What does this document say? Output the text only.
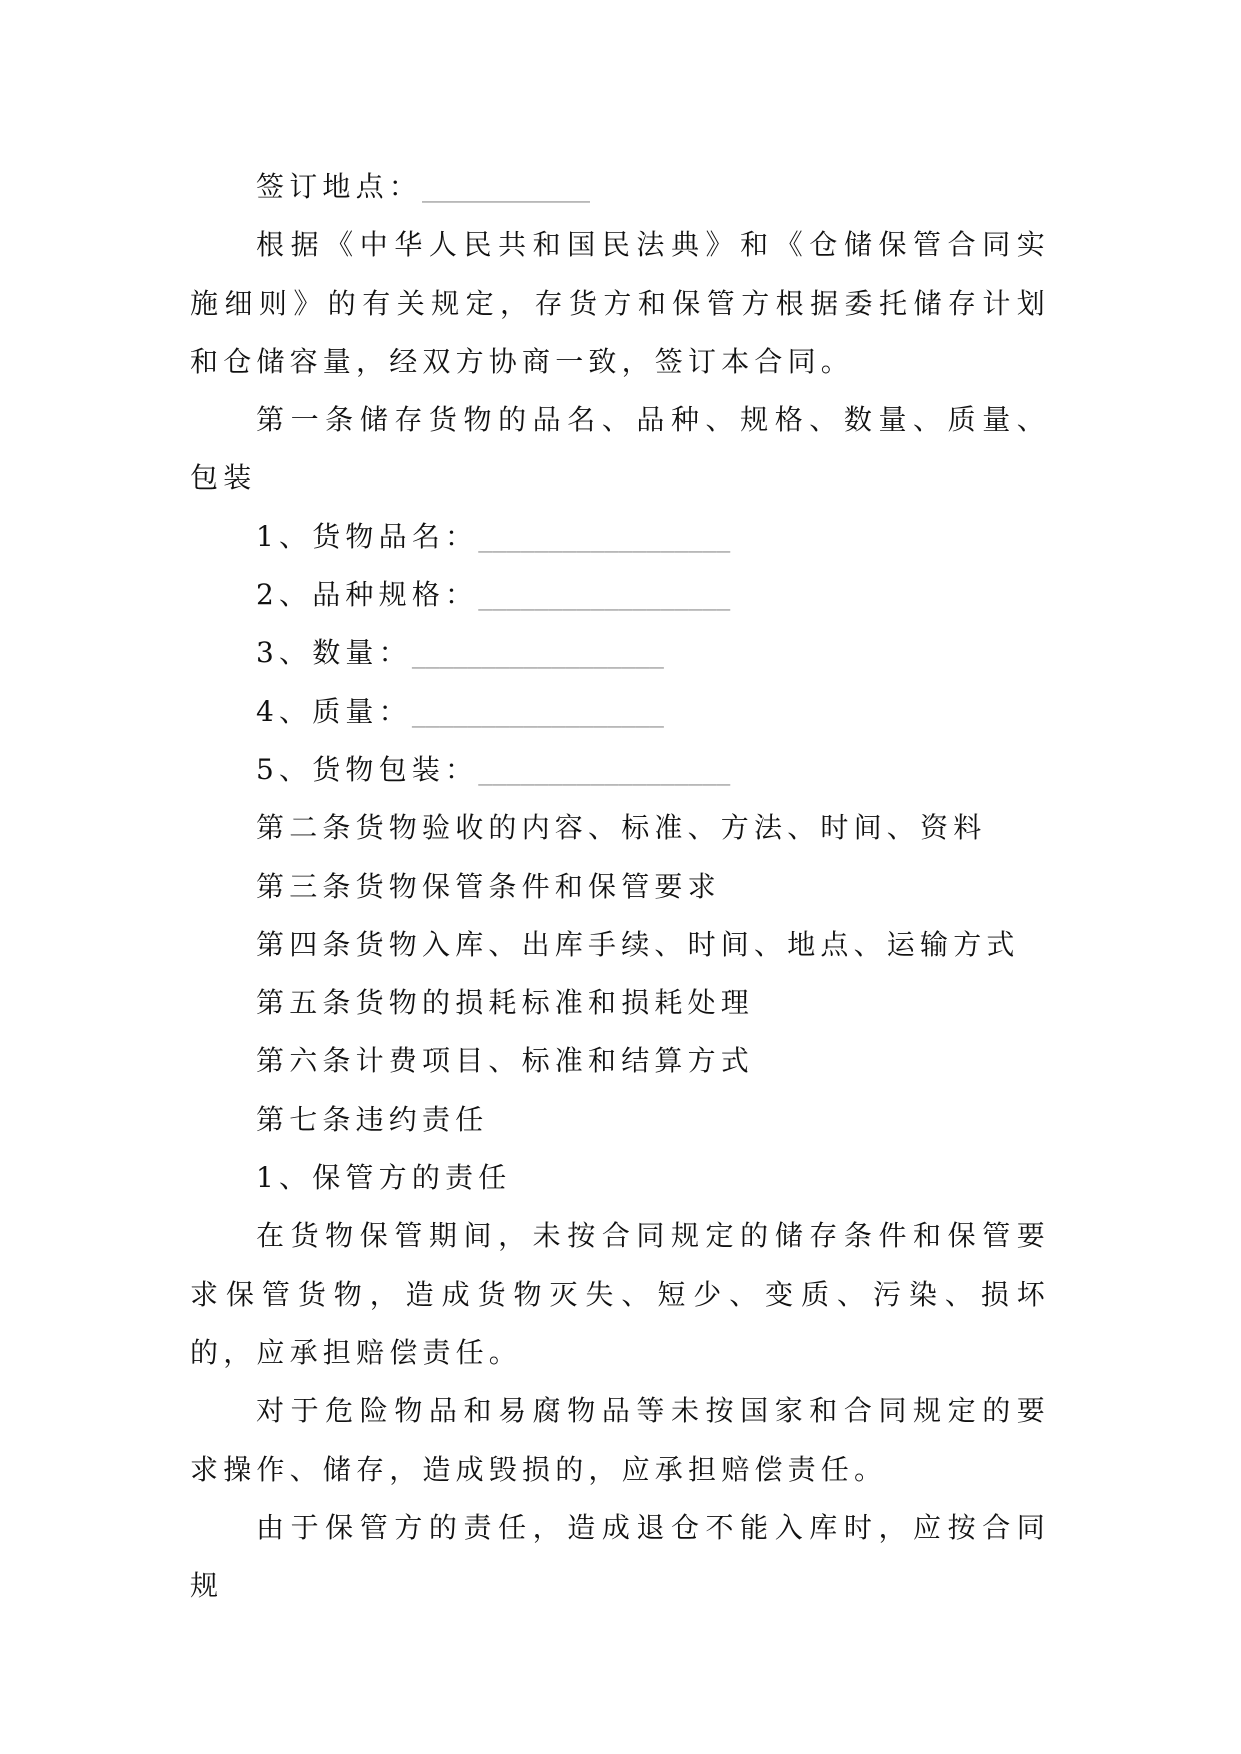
签订地点：____________

根据《中华人民共和国民法典》和《仓储保管合同实施细则》的有关规定，存货方和保管方根据委托储存计划和仓储容量，经双方协商一致，签订本合同。

第一条储存货物的品名、品种、规格、数量、质量、包装

1、货物品名：__________________

2、品种规格：__________________

3、数量：__________________

4、质量：__________________

5、货物包装：__________________

第二条货物验收的内容、标准、方法、时间、资料

第三条货物保管条件和保管要求

第四条货物入库、出库手续、时间、地点、运输方式

第五条货物的损耗标准和损耗处理

第六条计费项目、标准和结算方式

第七条违约责任

1、保管方的责任

在货物保管期间，未按合同规定的储存条件和保管要求保管货物，造成货物灭失、短少、变质、污染、损坏的，应承担赔偿责任。

对于危险物品和易腐物品等未按国家和合同规定的要求操作、储存，造成毁损的，应承担赔偿责任。

由于保管方的责任，造成退仓不能入库时，应按合同规
